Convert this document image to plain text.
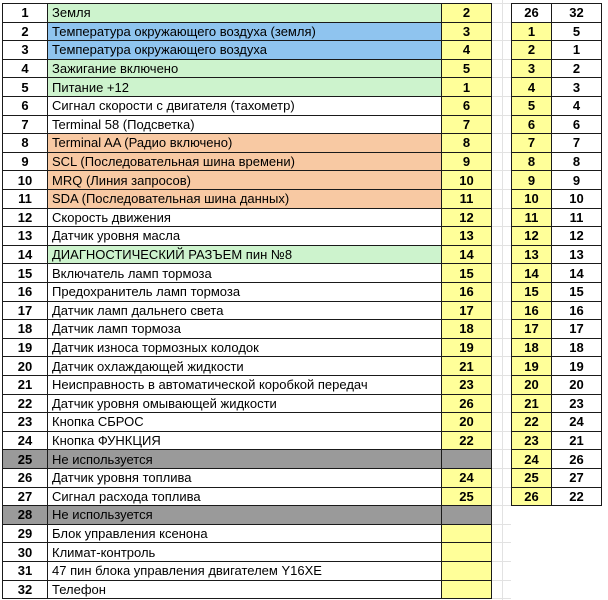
1	Земля	2
2	Температура окружающего воздуха (земля)	3
3	Температура окружающего воздуха	4
4	Зажигание включено	5
5	Питание +12	1
6	Сигнал скорости с двигателя (тахометр)	6
7	Terminal 58 (Подсветка)	7
8	Terminal AA (Радио включено)	8
9	SCL (Последовательная шина времени)	9
10	MRQ (Линия запросов)	10
11	SDA (Последовательная шина данных)	11
12	Скорость движения	12
13	Датчик уровня масла	13
14	ДИАГНОСТИЧЕСКИЙ РАЗЪЕМ пин №8	14
15	Включатель ламп тормоза	15
16	Предохранитель ламп тормоза	16
17	Датчик ламп дальнего света	17
18	Датчик ламп тормоза	18
19	Датчик износа тормозных колодок	19
20	Датчик охлаждающей жидкости	21
21	Неисправность в автоматической коробкой передач	23
22	Датчик уровня омывающей жидкости	26
23	Кнопка СБРОС	20
24	Кнопка ФУНКЦИЯ	22
25	Не используется
26	Датчик уровня топлива	24
27	Сигнал расхода топлива	25
28	Не используется
29	Блок управления ксенона
30	Климат-контроль
31	47 пин блока управления двигателем Y16XE
32	Телефон
26	32
1	5
2	1
3	2
4	3
5	4
6	6
7	7
8	8
9	9
10	10
11	11
12	12
13	13
14	14
15	15
16	16
17	17
18	18
19	19
20	20
21	23
22	24
23	21
24	26
25	27
26	22
